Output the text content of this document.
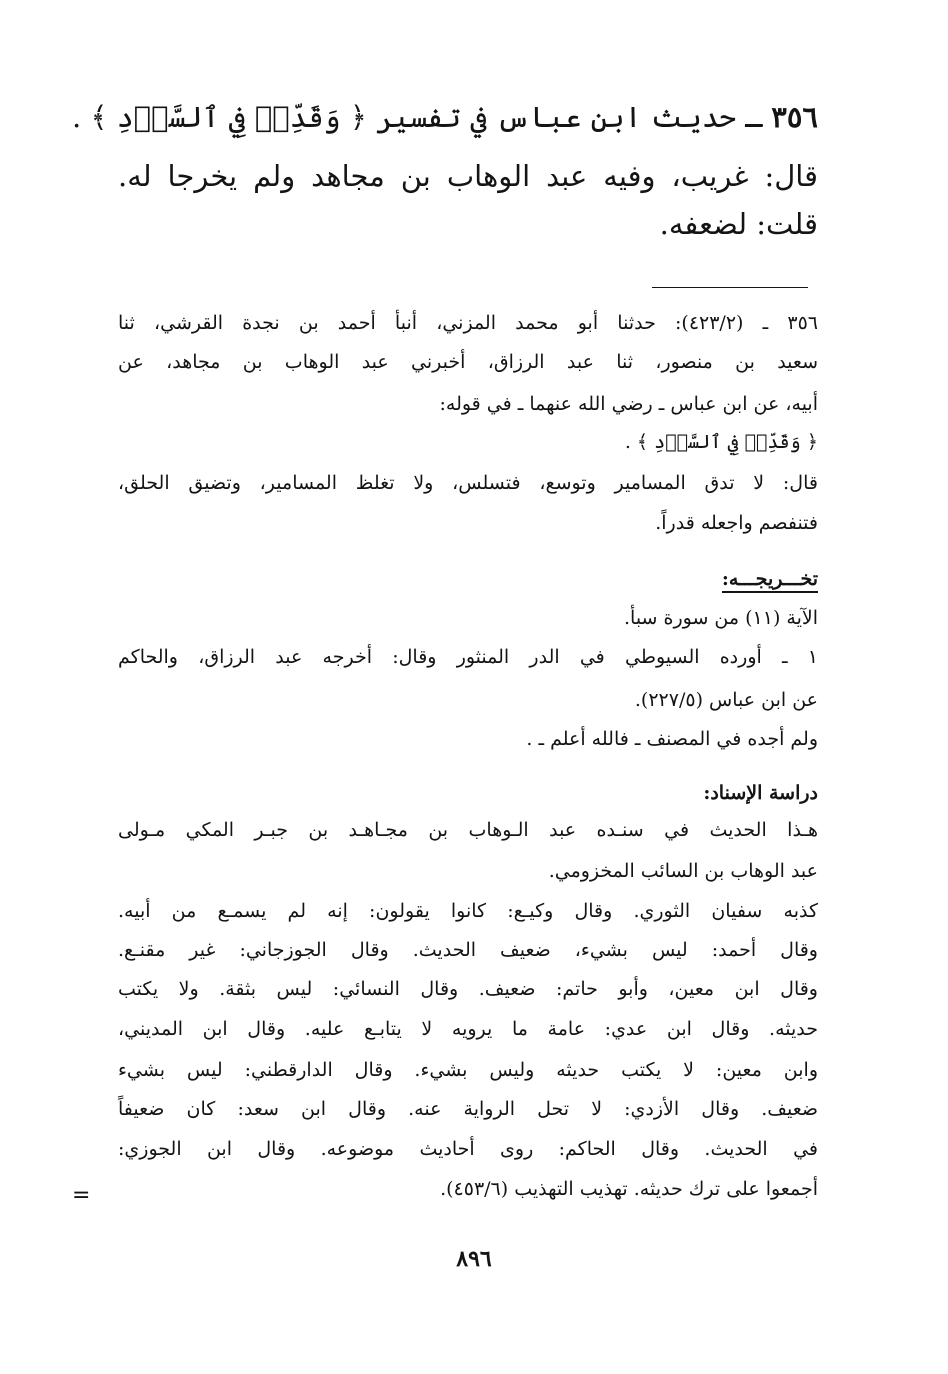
٣٥٦ ـ حديث ابن عباس في تفسير ﴿ وَقَدِّرۡ فِي ٱلسَّرۡدِ ﴾ .
قال: غريب، وفيه عبد الوهاب بن مجاهد ولم يخرجا له.
قلت: لضعفه.
٣٥٦ ـ (٤٢٣/٢): حدثنا أبو محمد المزني، أنبأ أحمد بن نجدة القرشي، ثنا
سعيد بن منصور، ثنا عبد الرزاق، أخبرني عبد الوهاب بن مجاهد، عن
أبيه، عن ابن عباس ـ رضي الله عنهما ـ في قوله:
﴿ وَقَدِّرۡ فِي ٱلسَّرۡدِ ﴾ .
قال: لا تدق المسامير وتوسع، فتسلس، ولا تغلظ المسامير، وتضيق الحلق،
فتنفصم واجعله قدراً.
تخـــريجـــه:
الآية (١١) من سورة سبأ.
١ ـ أورده السيوطي في الدر المنثور وقال: أخرجه عبد الرزاق، والحاكم
عن ابن عباس (٢٢٧/٥).
ولم أجده في المصنف ـ فالله أعلم ـ .
دراسة الإسناد:
هـذا الحديث في سنـده عبد الـوهاب بن مجـاهـد بن جبـر المكي مـولى
عبد الوهاب بن السائب المخزومي.
كذبه سفيان الثوري. وقال وكيـع: كانوا يقولون: إنه لم يسمـع من أبيه.
وقال أحمد: ليس بشيء، ضعيف الحديث. وقال الجوزجاني: غير مقنـع.
وقال ابن معين، وأبو حاتم: ضعيف. وقال النسائي: ليس بثقة. ولا يكتب
حديثه. وقال ابن عدي: عامة ما يرويه لا يتابـع عليه. وقال ابن المديني،
وابن معين: لا يكتب حديثه وليس بشيء. وقال الدارقطني: ليس بشيء
ضعيف. وقال الأزدي: لا تحل الرواية عنه. وقال ابن سعد: كان ضعيفاً
في الحديث. وقال الحاكم: روى أحاديث موضوعه. وقال ابن الجوزي:
أجمعوا على ترك حديثه. تهذيب التهذيب (٤٥٣/٦).
=
٨٩٦
